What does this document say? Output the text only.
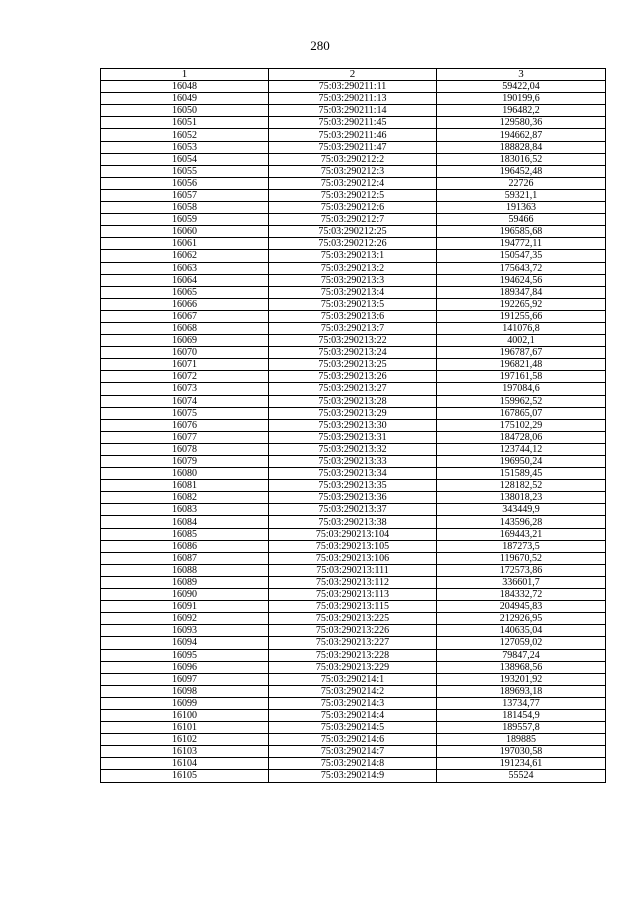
280
1	2	3
16048	75:03:290211:11	59422,04
16049	75:03:290211:13	190199,6
16050	75:03:290211:14	196482,2
16051	75:03:290211:45	129580,36
16052	75:03:290211:46	194662,87
16053	75:03:290211:47	188828,84
16054	75:03:290212:2	183016,52
16055	75:03:290212:3	196452,48
16056	75:03:290212:4	22726
16057	75:03:290212:5	59321,1
16058	75:03:290212:6	191363
16059	75:03:290212:7	59466
16060	75:03:290212:25	196585,68
16061	75:03:290212:26	194772,11
16062	75:03:290213:1	150547,35
16063	75:03:290213:2	175643,72
16064	75:03:290213:3	194624,56
16065	75:03:290213:4	189347,84
16066	75:03:290213:5	192265,92
16067	75:03:290213:6	191255,66
16068	75:03:290213:7	141076,8
16069	75:03:290213:22	4002,1
16070	75:03:290213:24	196787,67
16071	75:03:290213:25	196821,48
16072	75:03:290213:26	197161,58
16073	75:03:290213:27	197084,6
16074	75:03:290213:28	159962,52
16075	75:03:290213:29	167865,07
16076	75:03:290213:30	175102,29
16077	75:03:290213:31	184728,06
16078	75:03:290213:32	123744,12
16079	75:03:290213:33	196950,24
16080	75:03:290213:34	151589,45
16081	75:03:290213:35	128182,52
16082	75:03:290213:36	138018,23
16083	75:03:290213:37	343449,9
16084	75:03:290213:38	143596,28
16085	75:03:290213:104	169443,21
16086	75:03:290213:105	187273,5
16087	75:03:290213:106	119670,52
16088	75:03:290213:111	172573,86
16089	75:03:290213:112	336601,7
16090	75:03:290213:113	184332,72
16091	75:03:290213:115	204945,83
16092	75:03:290213:225	212926,95
16093	75:03:290213:226	140635,04
16094	75:03:290213:227	127059,02
16095	75:03:290213:228	79847,24
16096	75:03:290213:229	138968,56
16097	75:03:290214:1	193201,92
16098	75:03:290214:2	189693,18
16099	75:03:290214:3	13734,77
16100	75:03:290214:4	181454,9
16101	75:03:290214:5	189557,8
16102	75:03:290214:6	189885
16103	75:03:290214:7	197030,58
16104	75:03:290214:8	191234,61
16105	75:03:290214:9	55524
